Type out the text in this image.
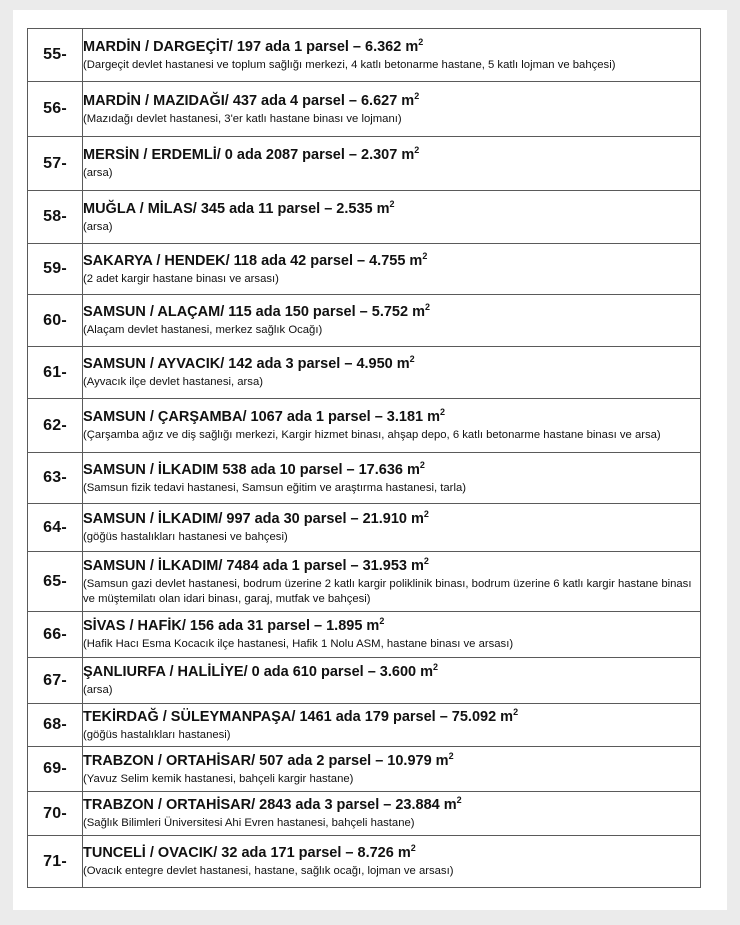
55-	MARDİN / DARGEÇİT/ 197 ada 1 parsel – 6.362 $m^2$
(Dargeçit devlet hastanesi ve toplum sağlığı merkezi, 4 katlı betonarme hastane, 5 katlı lojman ve bahçesi)

56-	MARDİN / MAZIDAĞI/ 437 ada 4 parsel – 6.627 $m^2$
(Mazıdağı devlet hastanesi, 3'er katlı hastane binası ve lojmanı)

57-	MERSİN / ERDEMLİ/ 0 ada 2087 parsel – 2.307 $m^2$
(arsa)

58-	MUĞLA / MİLAS/ 345 ada 11 parsel – 2.535 $m^2$
(arsa)

59-	SAKARYA / HENDEK/ 118 ada 42 parsel – 4.755 $m^2$
(2 adet kargir hastane binası ve arsası)

60-	SAMSUN / ALAÇAM/ 115 ada 150 parsel – 5.752 $m^2$
(Alaçam devlet hastanesi, merkez sağlık Ocağı)

61-	SAMSUN / AYVACIK/ 142 ada 3 parsel – 4.950 $m^2$
(Ayvacık ilçe devlet hastanesi, arsa)

62-	SAMSUN / ÇARŞAMBA/ 1067 ada 1 parsel – 3.181 $m^2$
(Çarşamba ağız ve diş sağlığı merkezi, Kargir hizmet binası, ahşap depo, 6 katlı betonarme hastane binası ve arsa)

63-	SAMSUN / İLKADIM 538 ada 10 parsel – 17.636 $m^2$
(Samsun fizik tedavi hastanesi, Samsun eğitim ve araştırma hastanesi, tarla)

64-	SAMSUN / İLKADIM/ 997 ada 30 parsel – 21.910 $m^2$
(göğüs hastalıkları hastanesi ve bahçesi)

65-	SAMSUN / İLKADIM/ 7484 ada 1 parsel – 31.953 $m^2$
(Samsun gazi devlet hastanesi, bodrum üzerine 2 katlı kargir poliklinik binası, bodrum üzerine 6 katlı kargir hastane binası ve müştemilatı olan idari binası, garaj, mutfak ve bahçesi)

66-	SİVAS / HAFİK/ 156 ada 31 parsel – 1.895 $m^2$
(Hafik Hacı Esma Kocacık ilçe hastanesi, Hafik 1 Nolu ASM, hastane binası ve arsası)

67-	ŞANLIURFA / HALİLİYE/ 0 ada 610 parsel – 3.600 $m^2$
(arsa)

68-	TEKİRDAĞ / SÜLEYMANPAŞA/ 1461 ada 179 parsel – 75.092 $m^2$
(göğüs hastalıkları hastanesi)

69-	TRABZON / ORTAHİSAR/ 507 ada 2 parsel – 10.979 $m^2$
(Yavuz Selim kemik hastanesi, bahçeli kargir hastane)

70-	TRABZON / ORTAHİSAR/ 2843 ada 3 parsel – 23.884 $m^2$
(Sağlık Bilimleri Üniversitesi Ahi Evren hastanesi, bahçeli hastane)

71-	TUNCELİ / OVACIK/ 32 ada 171 parsel – 8.726 $m^2$
(Ovacık entegre devlet hastanesi, hastane, sağlık ocağı, lojman ve arsası)
